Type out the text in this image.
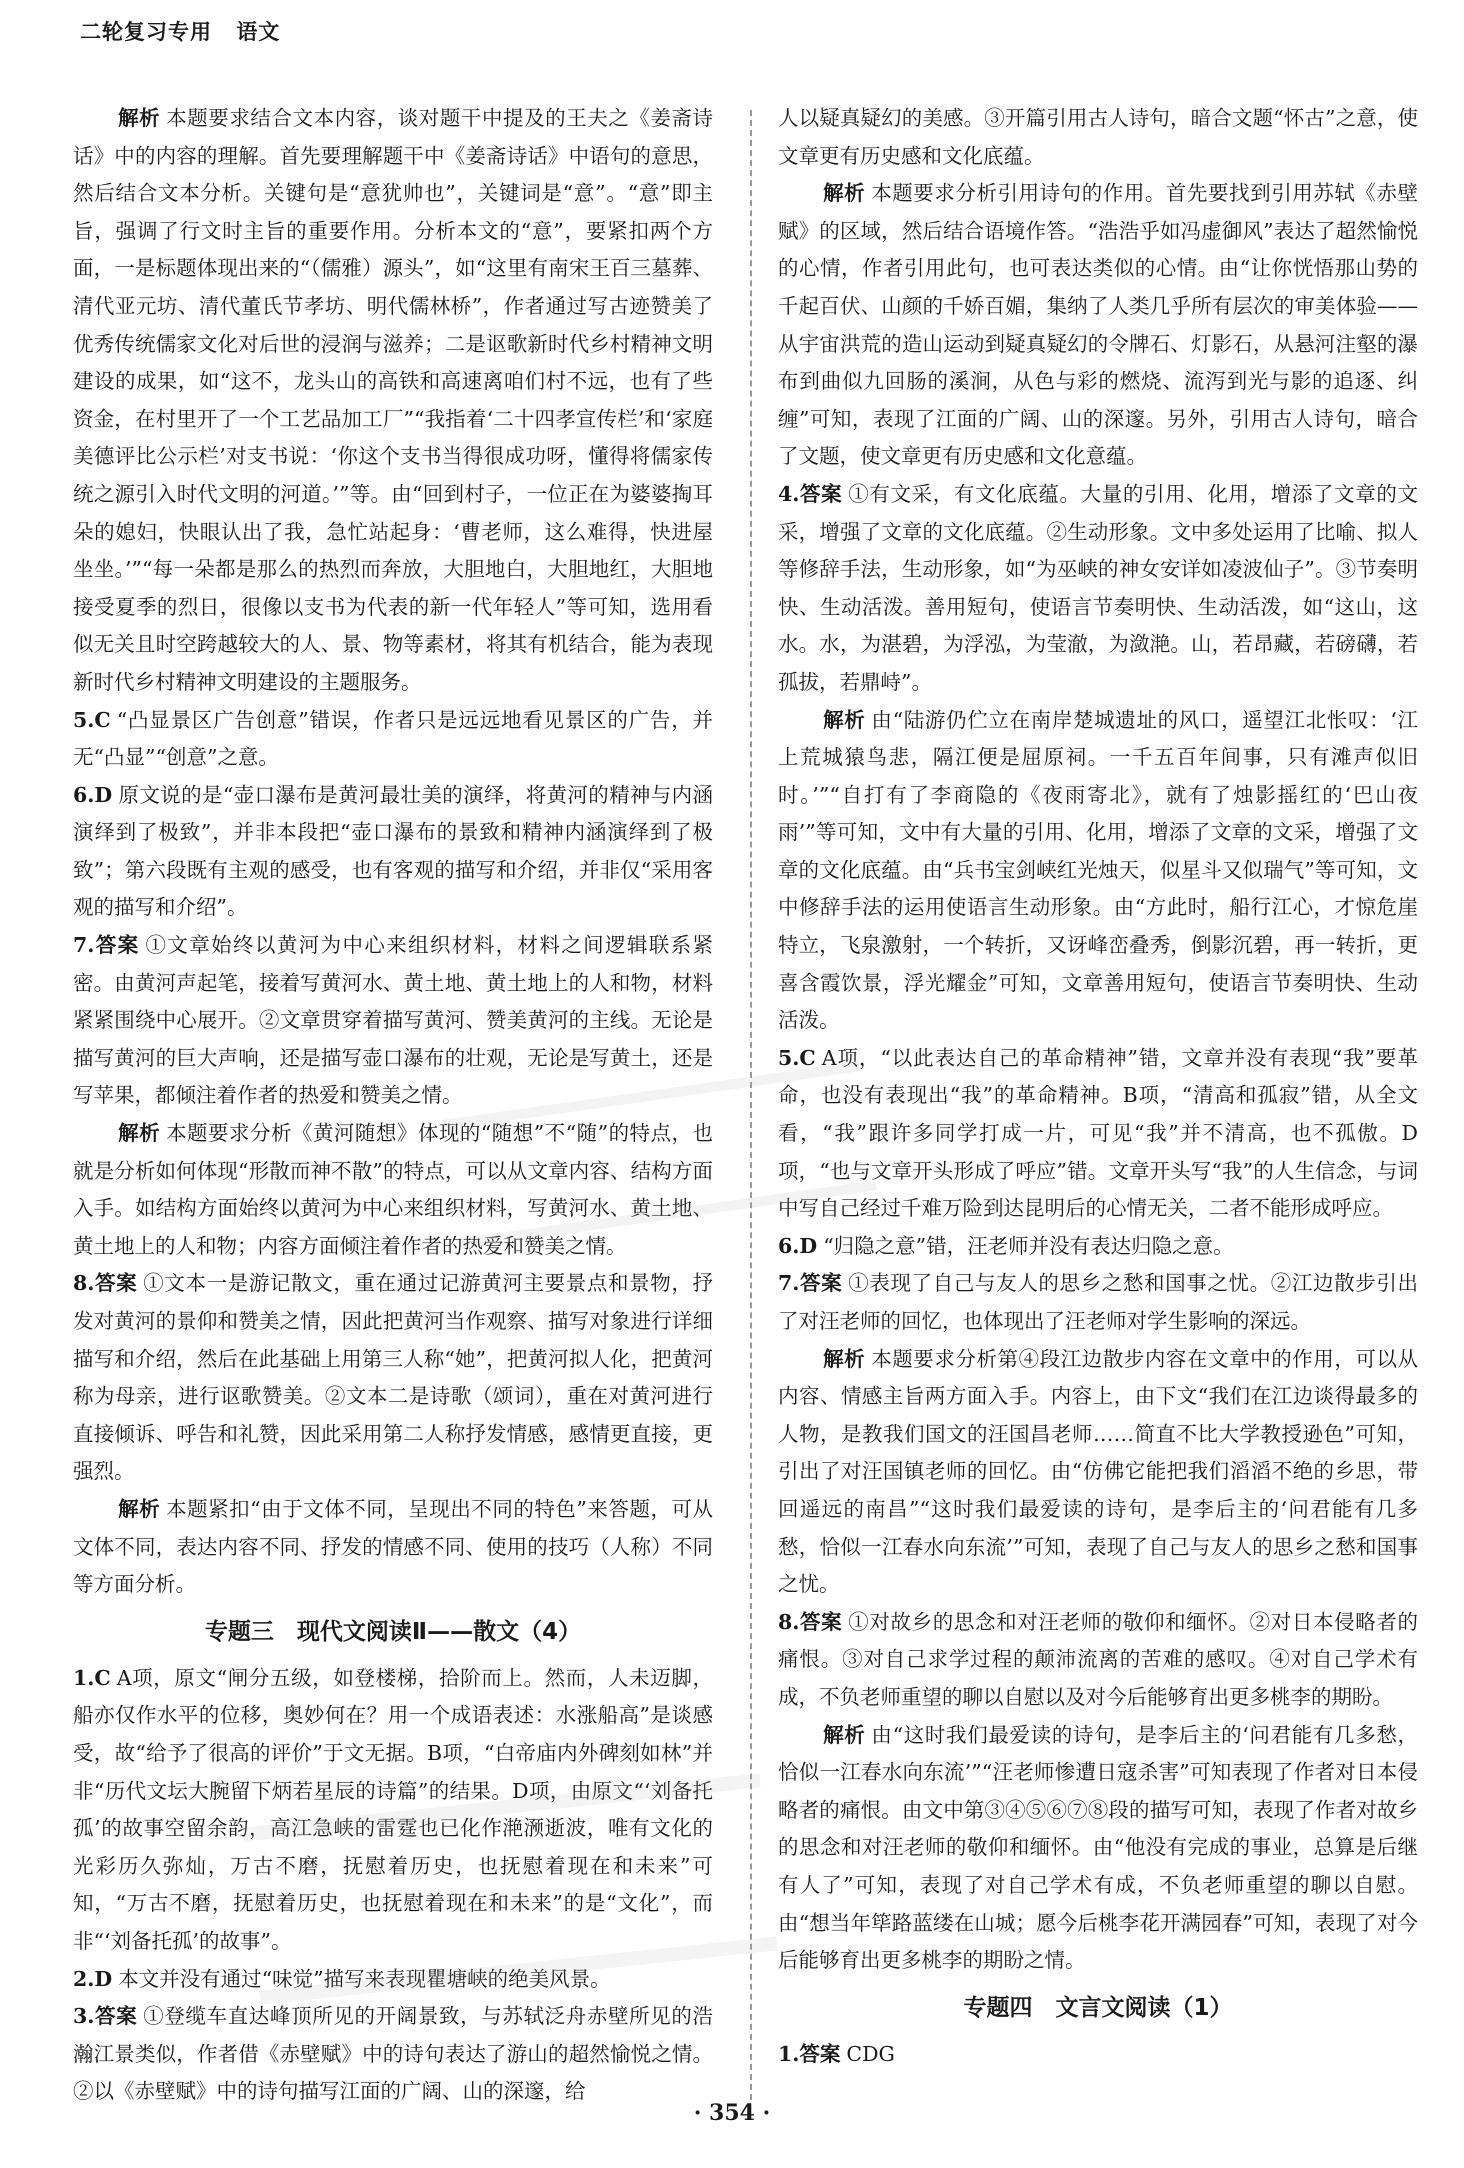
二轮复习专用 语文

解析 本题要求结合文本内容，谈对题干中提及的王夫之《姜斋诗话》中的内容的理解。首先要理解题干中《姜斋诗话》中语句的意思，然后结合文本分析。关键句是“意犹帅也”，关键词是“意”。“意”即主旨，强调了行文时主旨的重要作用。分析本文的“意”，要紧扣两个方面，一是标题体现出来的“（儒雅）源头”，如“这里有南宋王百三墓葬、清代亚元坊、清代董氏节孝坊、明代儒林桥”，作者通过写古迹赞美了优秀传统儒家文化对后世的浸润与滋养；二是讴歌新时代乡村精神文明建设的成果，如“这不，龙头山的高铁和高速离咱们村不远，也有了些资金，在村里开了一个工艺品加工厂”“我指着‘二十四孝宣传栏’和‘家庭美德评比公示栏’对支书说：‘你这个支书当得很成功呀，懂得将儒家传统之源引入时代文明的河道。’”等。由“回到村子，一位正在为婆婆掏耳朵的媳妇，快眼认出了我，急忙站起身：‘曹老师，这么难得，快进屋坐坐。’”“每一朵都是那么的热烈而奔放，大胆地白，大胆地红，大胆地接受夏季的烈日，很像以支书为代表的新一代年轻人”等可知，选用看似无关且时空跨越较大的人、景、物等素材，将其有机结合，能为表现新时代乡村精神文明建设的主题服务。

5.C “凸显景区广告创意”错误，作者只是远远地看见景区的广告，并无“凸显”“创意”之意。

6.D 原文说的是“壶口瀑布是黄河最壮美的演绎，将黄河的精神与内涵演绎到了极致”，并非本段把“壶口瀑布的景致和精神内涵演绎到了极致”；第六段既有主观的感受，也有客观的描写和介绍，并非仅“采用客观的描写和介绍”。

7.答案 ①文章始终以黄河为中心来组织材料，材料之间逻辑联系紧密。由黄河声起笔，接着写黄河水、黄土地、黄土地上的人和物，材料紧紧围绕中心展开。②文章贯穿着描写黄河、赞美黄河的主线。无论是描写黄河的巨大声响，还是描写壶口瀑布的壮观，无论是写黄土，还是写苹果，都倾注着作者的热爱和赞美之情。

解析 本题要求分析《黄河随想》体现的“随想”不“随”的特点，也就是分析如何体现“形散而神不散”的特点，可以从文章内容、结构方面入手。如结构方面始终以黄河为中心来组织材料，写黄河水、黄土地、黄土地上的人和物；内容方面倾注着作者的热爱和赞美之情。

8.答案 ①文本一是游记散文，重在通过记游黄河主要景点和景物，抒发对黄河的景仰和赞美之情，因此把黄河当作观察、描写对象进行详细描写和介绍，然后在此基础上用第三人称“她”，把黄河拟人化，把黄河称为母亲，进行讴歌赞美。②文本二是诗歌（颂词），重在对黄河进行直接倾诉、呼告和礼赞，因此采用第二人称抒发情感，感情更直接，更强烈。

解析 本题紧扣“由于文体不同，呈现出不同的特色”来答题，可从文体不同，表达内容不同、抒发的情感不同、使用的技巧（人称）不同等方面分析。

专题三　现代文阅读Ⅱ——散文（4）

1.C A项，原文“闸分五级，如登楼梯，拾阶而上。然而，人未迈脚，船亦仅作水平的位移，奥妙何在？用一个成语表述：水涨船高”是谈感受，故“给予了很高的评价”于文无据。B项，“白帝庙内外碑刻如林”并非“历代文坛大腕留下炳若星辰的诗篇”的结果。D项，由原文“‘刘备托孤’的故事空留余韵，高江急峡的雷霆也已化作滟滪逝波，唯有文化的光彩历久弥灿，万古不磨，抚慰着历史，也抚慰着现在和未来”可知，“万古不磨，抚慰着历史，也抚慰着现在和未来”的是“文化”，而非“‘刘备托孤’的故事”。

2.D 本文并没有通过“味觉”描写来表现瞿塘峡的绝美风景。

3.答案 ①登缆车直达峰顶所见的开阔景致，与苏轼泛舟赤壁所见的浩瀚江景类似，作者借《赤壁赋》中的诗句表达了游山的超然愉悦之情。②以《赤壁赋》中的诗句描写江面的广阔、山的深邃，给

人以疑真疑幻的美感。③开篇引用古人诗句，暗合文题“怀古”之意，使文章更有历史感和文化底蕴。

解析 本题要求分析引用诗句的作用。首先要找到引用苏轼《赤壁赋》的区域，然后结合语境作答。“浩浩乎如冯虚御风”表达了超然愉悦的心情，作者引用此句，也可表达类似的心情。由“让你恍悟那山势的千起百伏、山颜的千娇百媚，集纳了人类几乎所有层次的审美体验——从宇宙洪荒的造山运动到疑真疑幻的令牌石、灯影石，从悬河注壑的瀑布到曲似九回肠的溪涧，从色与彩的燃烧、流泻到光与影的追逐、纠缠”可知，表现了江面的广阔、山的深邃。另外，引用古人诗句，暗合了文题，使文章更有历史感和文化意蕴。

4.答案 ①有文采，有文化底蕴。大量的引用、化用，增添了文章的文采，增强了文章的文化底蕴。②生动形象。文中多处运用了比喻、拟人等修辞手法，生动形象，如“为巫峡的神女安详如凌波仙子”。③节奏明快、生动活泼。善用短句，使语言节奏明快、生动活泼，如“这山，这水。水，为湛碧，为浮泓，为莹澈，为潋滟。山，若昂藏，若磅礴，若孤拔，若鼎峙”。

解析 由“陆游仍伫立在南岸楚城遗址的风口，遥望江北怅叹：‘江上荒城猿鸟悲，隔江便是屈原祠。一千五百年间事，只有滩声似旧时。’”“自打有了李商隐的《夜雨寄北》，就有了烛影摇红的‘巴山夜雨’”等可知，文中有大量的引用、化用，增添了文章的文采，增强了文章的文化底蕴。由“兵书宝剑峡红光烛天，似星斗又似瑞气”等可知，文中修辞手法的运用使语言生动形象。由“方此时，船行江心，才惊危崖特立，飞泉激射，一个转折，又讶峰峦叠秀，倒影沉碧，再一转折，更喜含霞饮景，浮光耀金”可知，文章善用短句，使语言节奏明快、生动活泼。

5.C A项，“以此表达自己的革命精神”错，文章并没有表现“我”要革命，也没有表现出“我”的革命精神。B项，“清高和孤寂”错，从全文看，“我”跟许多同学打成一片，可见“我”并不清高，也不孤傲。D项，“也与文章开头形成了呼应”错。文章开头写“我”的人生信念，与词中写自己经过千难万险到达昆明后的心情无关，二者不能形成呼应。

6.D “归隐之意”错，汪老师并没有表达归隐之意。

7.答案 ①表现了自己与友人的思乡之愁和国事之忧。②江边散步引出了对汪老师的回忆，也体现出了汪老师对学生影响的深远。

解析 本题要求分析第④段江边散步内容在文章中的作用，可以从内容、情感主旨两方面入手。内容上，由下文“我们在江边谈得最多的人物，是教我们国文的汪国昌老师……简直不比大学教授逊色”可知，引出了对汪国镇老师的回忆。由“仿佛它能把我们滔滔不绝的乡思，带回遥远的南昌”“这时我们最爱读的诗句，是李后主的‘问君能有几多愁，恰似一江春水向东流’”可知，表现了自己与友人的思乡之愁和国事之忧。

8.答案 ①对故乡的思念和对汪老师的敬仰和缅怀。②对日本侵略者的痛恨。③对自己求学过程的颠沛流离的苦难的感叹。④对自己学术有成，不负老师重望的聊以自慰以及对今后能够育出更多桃李的期盼。

解析 由“这时我们最爱读的诗句，是李后主的‘问君能有几多愁，恰似一江春水向东流’”“汪老师惨遭日寇杀害”可知表现了作者对日本侵略者的痛恨。由文中第③④⑤⑥⑦⑧段的描写可知，表现了作者对故乡的思念和对汪老师的敬仰和缅怀。由“他没有完成的事业，总算是后继有人了”可知，表现了对自己学术有成，不负老师重望的聊以自慰。由“想当年筚路蓝缕在山城；愿今后桃李花开满园春”可知，表现了对今后能够育出更多桃李的期盼之情。

专题四　文言文阅读（1）

1.答案 CDG

· 354 ·
